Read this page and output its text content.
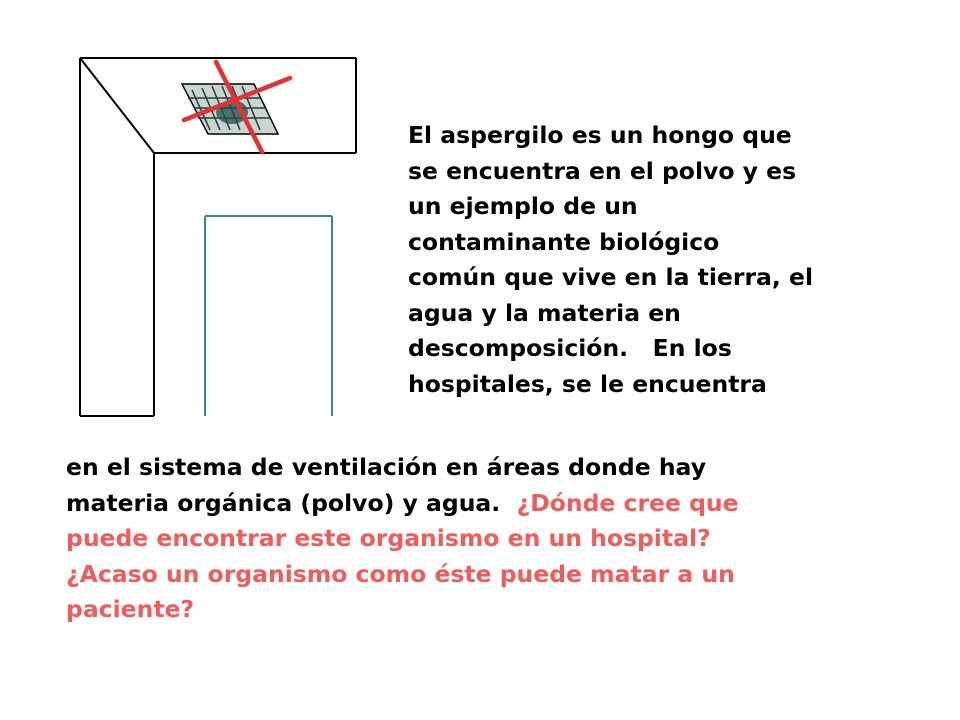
El aspergilo es un hongo que
se encuentra en el polvo y es
un ejemplo de un
contaminante biológico
común que vive en la tierra, el
agua y la materia en
descomposición.   En los
hospitales, se le encuentra

en el sistema de ventilación en áreas donde hay
materia orgánica (polvo) y agua.  ¿Dónde cree que
puede encontrar este organismo en un hospital?
¿Acaso un organismo como éste puede matar a un
paciente?
